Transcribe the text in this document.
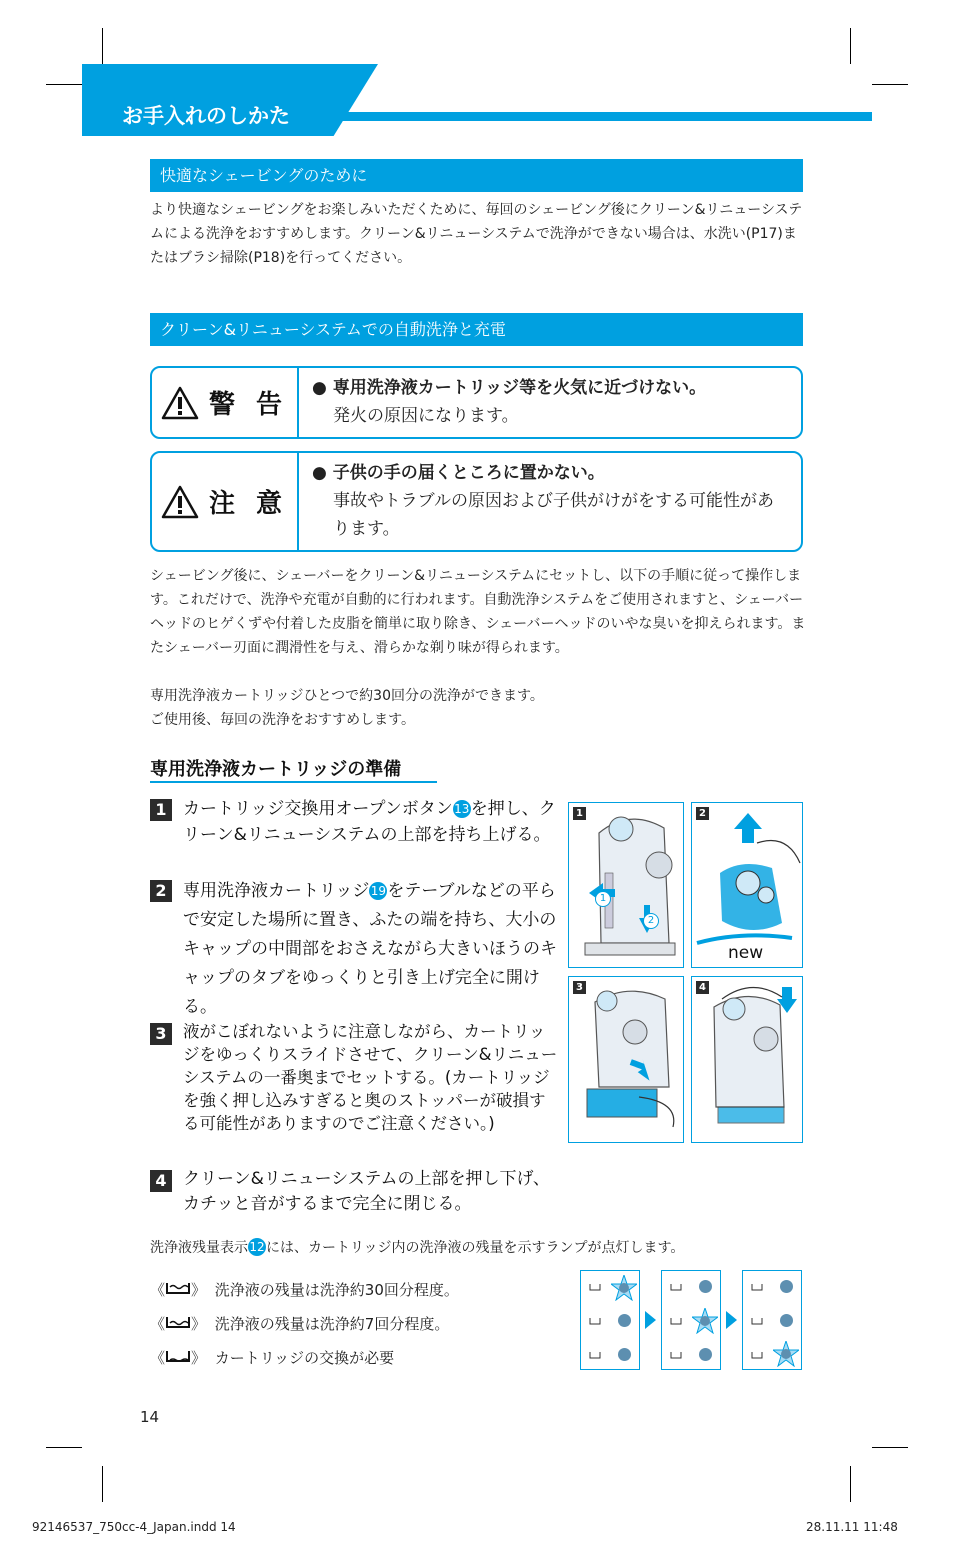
お手入れのしかた
快適なシェービングのために
より快適なシェービングをお楽しみいただくために、毎回のシェービング後にクリーン&リニューシステムによる洗浄をおすすめします。クリーン&リニューシステムで洗浄ができない場合は、水洗い(P17)またはブラシ掃除(P18)を行ってください。
クリーン&リニューシステムでの自動洗浄と充電
警 告
● 専用洗浄液カートリッジ等を火気に近づけない。
発火の原因になります。
注 意
● 子供の手の届くところに置かない。
事故やトラブルの原因および子供がけがをする可能性があります。
シェービング後に、シェーバーをクリーン&リニューシステムにセットし、以下の手順に従って操作します。これだけで、洗浄や充電が自動的に行われます。自動洗浄システムをご使用されますと、シェーバーヘッドのヒゲくずや付着した皮脂を簡単に取り除き、シェーバーヘッドのいやな臭いを抑えられます。またシェーバー刃面に潤滑性を与え、滑らかな剃り味が得られます。
専用洗浄液カートリッジひとつで約30回分の洗浄ができます。
ご使用後、毎回の洗浄をおすすめします。
専用洗浄液カートリッジの準備
1 カートリッジ交換用オープンボタン13を押し、クリーン&リニューシステムの上部を持ち上げる。
2 専用洗浄液カートリッジ19をテーブルなどの平らで安定した場所に置き、ふたの端を持ち、大小のキャップの中間部をおさえながら大きいほうのキャップのタブをゆっくりと引き上げ完全に開ける。
3 液がこぼれないように注意しながら、カートリッジをゆっくりスライドさせて、クリーン&リニューシステムの一番奥までセットする。(カートリッジを強く押し込みすぎると奥のストッパーが破損する可能性がありますのでご注意ください。)
4 クリーン&リニューシステムの上部を押し下げ、カチッと音がするまで完全に閉じる。
1
1
2
2
new
3	4
洗浄液残量表示12には、カートリッジ内の洗浄液の残量を示すランプが点灯します。
《 》 洗浄液の残量は洗浄約30回分程度。
《 》 洗浄液の残量は洗浄約7回分程度。
《 》 カートリッジの交換が必要
14
92146537_750cc-4_Japan.indd 14	28.11.11 11:48
